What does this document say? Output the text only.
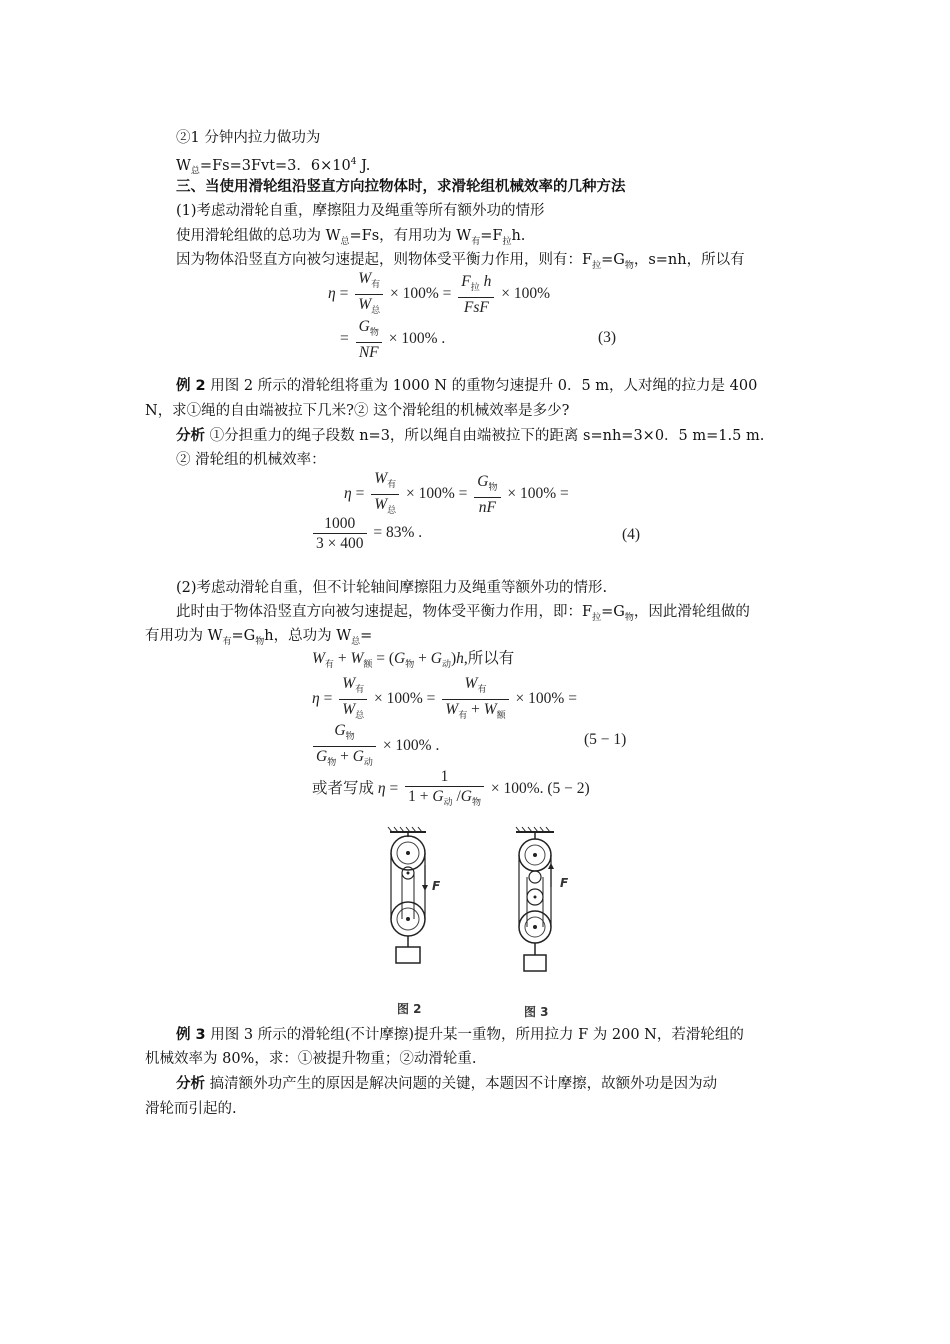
②1 分钟内拉力做功为
$W_总=Fs=3Fvt=3$．$6\times 10^4$ J.
三、当使用滑轮组沿竖直方向拉物体时，求滑轮组机械效率的几种方法
(1)考虑动滑轮自重，摩擦阻力及绳重等所有额外功的情形
使用滑轮组做的总功为 $W_总=Fs$，有用功为 $W_有=F_拉h$.
因为物体沿竖直方向被匀速提起，则物体受平衡力作用，则有：$F_拉=G_物$，s=nh，所以有
$\eta = \frac{W_有}{W_总} \times 100\% = \frac{F_拉 h}{\text{FsF}} \times 100\%$
= $\frac{G_物}{NF} \times 100\%$ .	(3)
例 2 用图 2 所示的滑轮组将重为 1000 N 的重物匀速提升 0．5 m，人对绳的拉力是 400
N，求①绳的自由端被拉下几米?② 这个滑轮组的机械效率是多少?
分析 ①分担重力的绳子段数 n=3，所以绳自由端被拉下的距离 s=nh=3×0．5 m=1.5 m.
② 滑轮组的机械效率：
$\eta = \frac{W_有}{W_总} \times 100\% = \frac{G_物}{nF} \times 100\%$ =
$\frac{1000}{3 \times 400} = 83\%$ .	(4)
(2)考虑动滑轮自重，但不计轮轴间摩擦阻力及绳重等额外功的情形.
此时由于物体沿竖直方向被匀速提起，物体受平衡力作用，即：$F_拉=G_物$，因此滑轮组做的
有用功为 $W_有=G_物h$，总功为 $W_总=$
$W_有 + W_额 = (G_物 + G_动)h$,所以有
$\eta = \frac{W_有}{W_总} \times 100\% = \frac{W_有}{W_有 + W_额} \times 100\%$ =
$\frac{G_物}{G_物 + G_动} \times 100\%$ .	(5 − 1)
或者写成 $\eta = \frac{1}{1 + G_动 /G_物} \times 100\%$. (5 − 2)
F
图 2
F
图 3
例 3 用图 3 所示的滑轮组(不计摩擦)提升某一重物，所用拉力 F 为 200 N，若滑轮组的
机械效率为 80%，求：①被提升物重；②动滑轮重.
分析 搞清额外功产生的原因是解决问题的关键，本题因不计摩擦，故额外功是因为动
滑轮而引起的.
